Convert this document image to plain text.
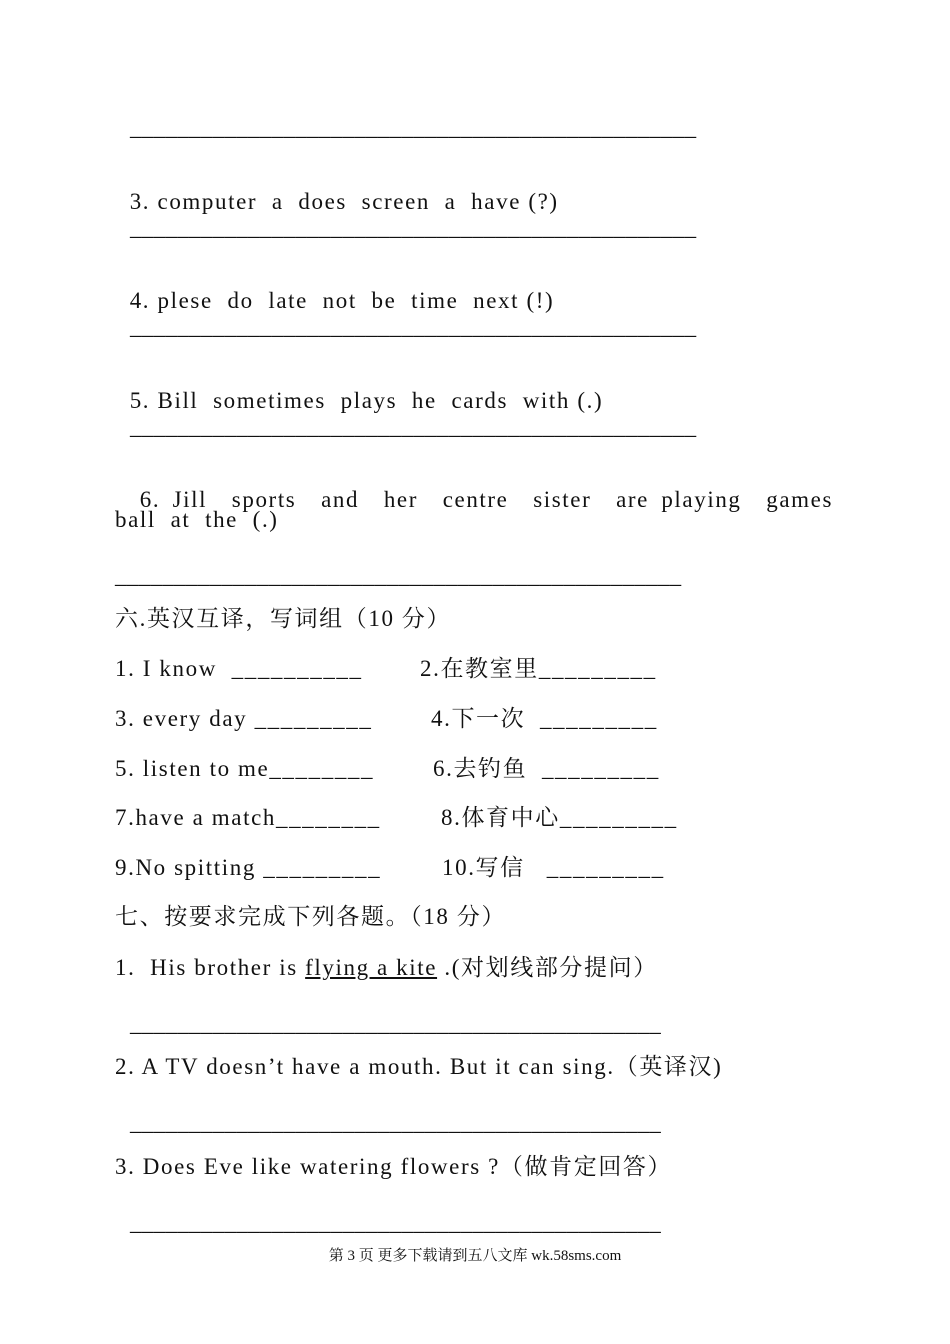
________________________________________________

3. computer  a  does  screen  a  have (?)

________________________________________________

4. plese  do  late  not  be  time  next (!)

________________________________________________

5. Bill  sometimes  plays  he  cards  with (.)

________________________________________________

6. Jill  sports  and  her  centre  sister  are playing  games

ball  at  the  (.)
________________________________________________
六.英汉互译，写词组（10 分）
1. I know  __________ 2.在教室里_________
3. every day _________	4.下一次  _________
5. listen to me________	6.去钓鱼  _________
7.have a match________	8.体育中心_________
9.No spitting _________	10.写信   _________
七、按要求完成下列各题。（18 分）
1.  His brother is flying a kite .(对划线部分提问）
_____________________________________________
2. A TV doesn’t have a mouth. But it can sing.（英译汉)
_____________________________________________
3. Does Eve like watering flowers ?（做肯定回答）
_____________________________________________
第 3 页 更多下载请到五八文库 wk.58sms.com
